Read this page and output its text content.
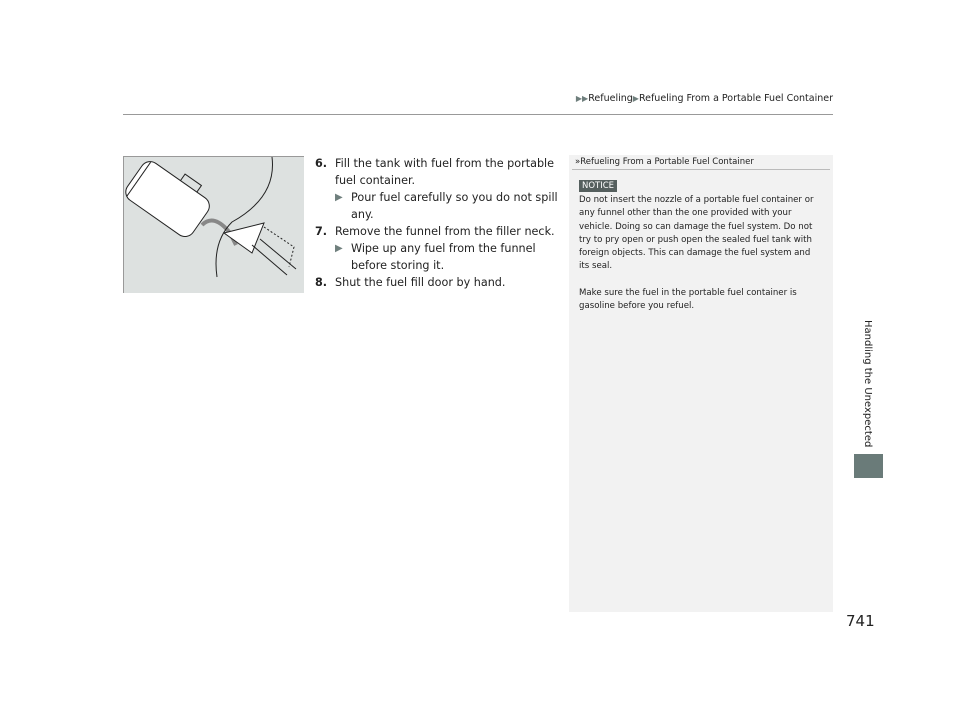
▶▶Refueling▶Refueling From a Portable Fuel Container
6. Fill the tank with fuel from the portable fuel container.
▶ Pour fuel carefully so you do not spill any.
7. Remove the funnel from the filler neck.
▶ Wipe up any fuel from the funnel before storing it.
8. Shut the fuel fill door by hand.
»Refueling From a Portable Fuel Container
NOTICE

Do not insert the nozzle of a portable fuel container or any funnel other than the one provided with your vehicle. Doing so can damage the fuel system. Do not try to pry open or push open the sealed fuel tank with foreign objects. This can damage the fuel system and its seal.

Make sure the fuel in the portable fuel container is gasoline before you refuel.

Handling the Unexpected
741
